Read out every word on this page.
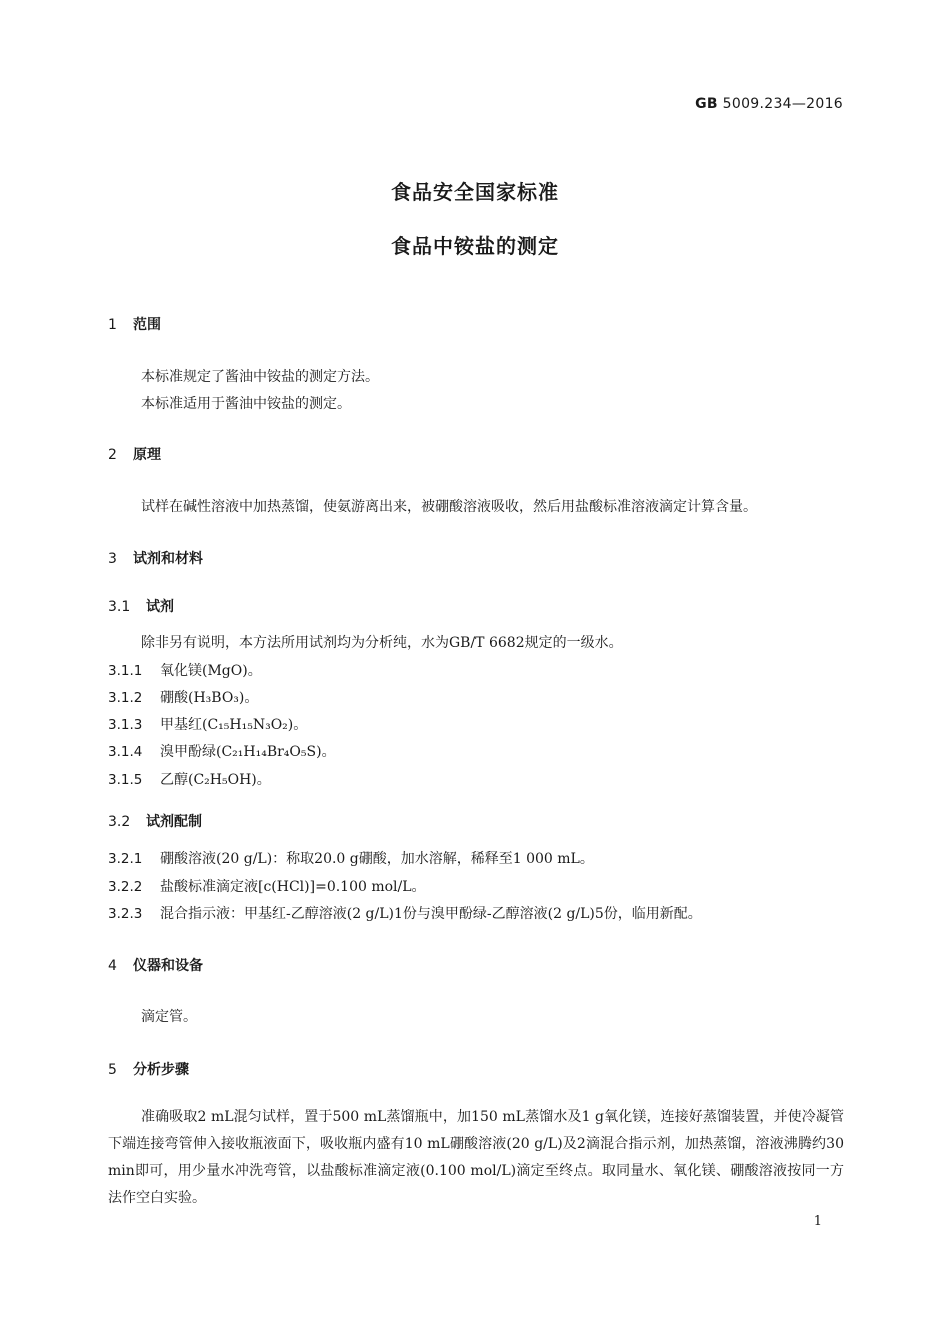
GB 5009.234—2016
食品安全国家标准
食品中铵盐的测定
1 范围
本标准规定了酱油中铵盐的测定方法。
本标准适用于酱油中铵盐的测定。
2 原理
试样在碱性溶液中加热蒸馏，使氨游离出来，被硼酸溶液吸收，然后用盐酸标准溶液滴定计算含量。
3 试剂和材料
3.1 试剂
除非另有说明，本方法所用试剂均为分析纯，水为GB/T 6682规定的一级水。
3.1.1 氧化镁(MgO)。
3.1.2 硼酸(H₃BO₃)。
3.1.3 甲基红(C₁₅H₁₅N₃O₂)。
3.1.4 溴甲酚绿(C₂₁H₁₄Br₄O₅S)。
3.1.5 乙醇(C₂H₅OH)。
3.2 试剂配制
3.2.1 硼酸溶液(20 g/L)：称取20.0 g硼酸，加水溶解，稀释至1 000 mL。
3.2.2 盐酸标准滴定液[c(HCl)]=0.100 mol/L。
3.2.3 混合指示液：甲基红-乙醇溶液(2 g/L)1份与溴甲酚绿-乙醇溶液(2 g/L)5份，临用新配。
4 仪器和设备
滴定管。
5 分析步骤
准确吸取2 mL混匀试样，置于500 mL蒸馏瓶中，加150 mL蒸馏水及1 g氧化镁，连接好蒸馏装置，并使冷凝管下端连接弯管伸入接收瓶液面下，吸收瓶内盛有10 mL硼酸溶液(20 g/L)及2滴混合指示剂，加热蒸馏，溶液沸腾约30 min即可，用少量水冲洗弯管，以盐酸标准滴定液(0.100 mol/L)滴定至终点。取同量水、氧化镁、硼酸溶液按同一方法作空白实验。
1
